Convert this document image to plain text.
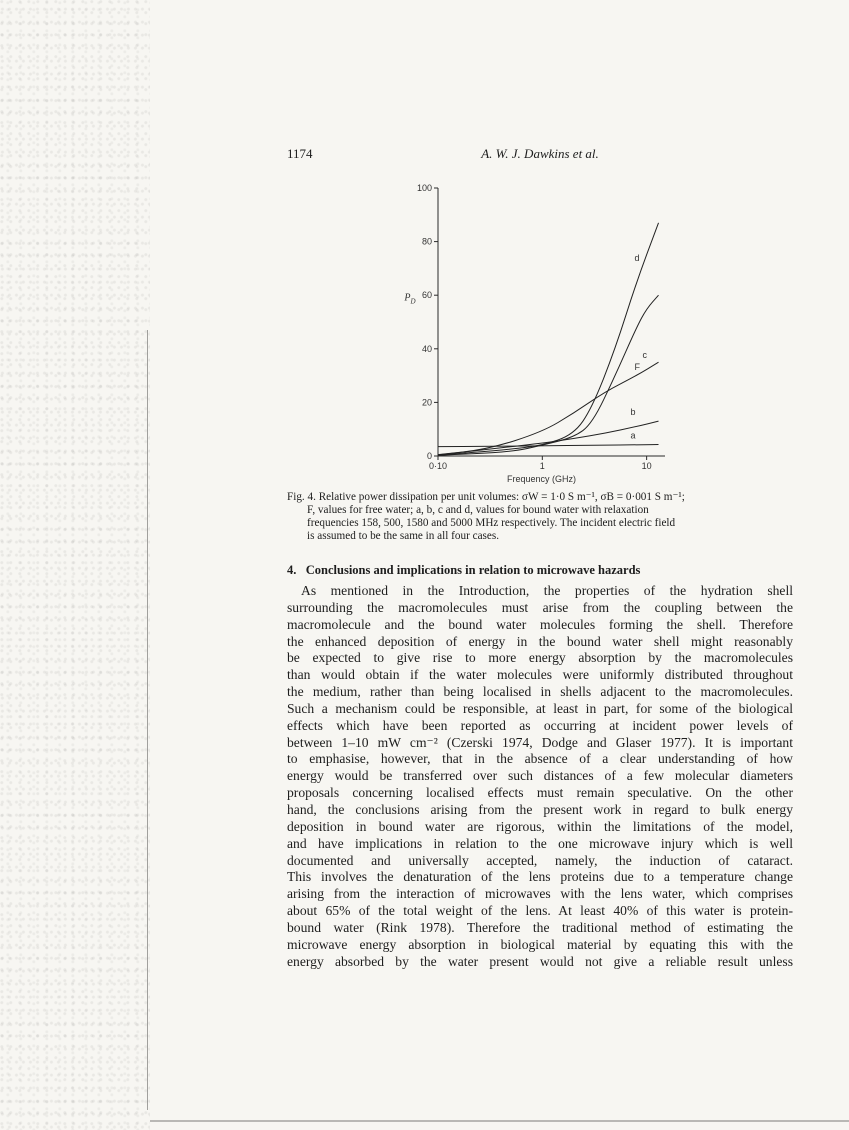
1174	A. W. J. Dawkins et al.
0
20
40
60
80
100
0·10	1	10
Frequency (GHz)
$P_D$
a
b
c
d
F
Fig. 4. Relative power dissipation per unit volumes: σW = 1·0 S m⁻¹, σB = 0·001 S m⁻¹;
F, values for free water; a, b, c and d, values for bound water with relaxation
frequencies 158, 500, 1580 and 5000 MHz respectively. The incident electric field
is assumed to be the same in all four cases.
4. Conclusions and implications in relation to microwave hazards
As mentioned in the Introduction, the properties of the hydration shell
surrounding the macromolecules must arise from the coupling between the
macromolecule and the bound water molecules forming the shell. Therefore
the enhanced deposition of energy in the bound water shell might reasonably
be expected to give rise to more energy absorption by the macromolecules
than would obtain if the water molecules were uniformly distributed throughout
the medium, rather than being localised in shells adjacent to the macromolecules.
Such a mechanism could be responsible, at least in part, for some of the biological
effects which have been reported as occurring at incident power levels of
between 1–10 mW cm⁻² (Czerski 1974, Dodge and Glaser 1977). It is important
to emphasise, however, that in the absence of a clear understanding of how
energy would be transferred over such distances of a few molecular diameters
proposals concerning localised effects must remain speculative. On the other
hand, the conclusions arising from the present work in regard to bulk energy
deposition in bound water are rigorous, within the limitations of the model,
and have implications in relation to the one microwave injury which is well
documented and universally accepted, namely, the induction of cataract.
This involves the denaturation of the lens proteins due to a temperature change
arising from the interaction of microwaves with the lens water, which comprises
about 65% of the total weight of the lens. At least 40% of this water is protein-
bound water (Rink 1978). Therefore the traditional method of estimating the
microwave energy absorption in biological material by equating this with the
energy absorbed by the water present would not give a reliable result unless
